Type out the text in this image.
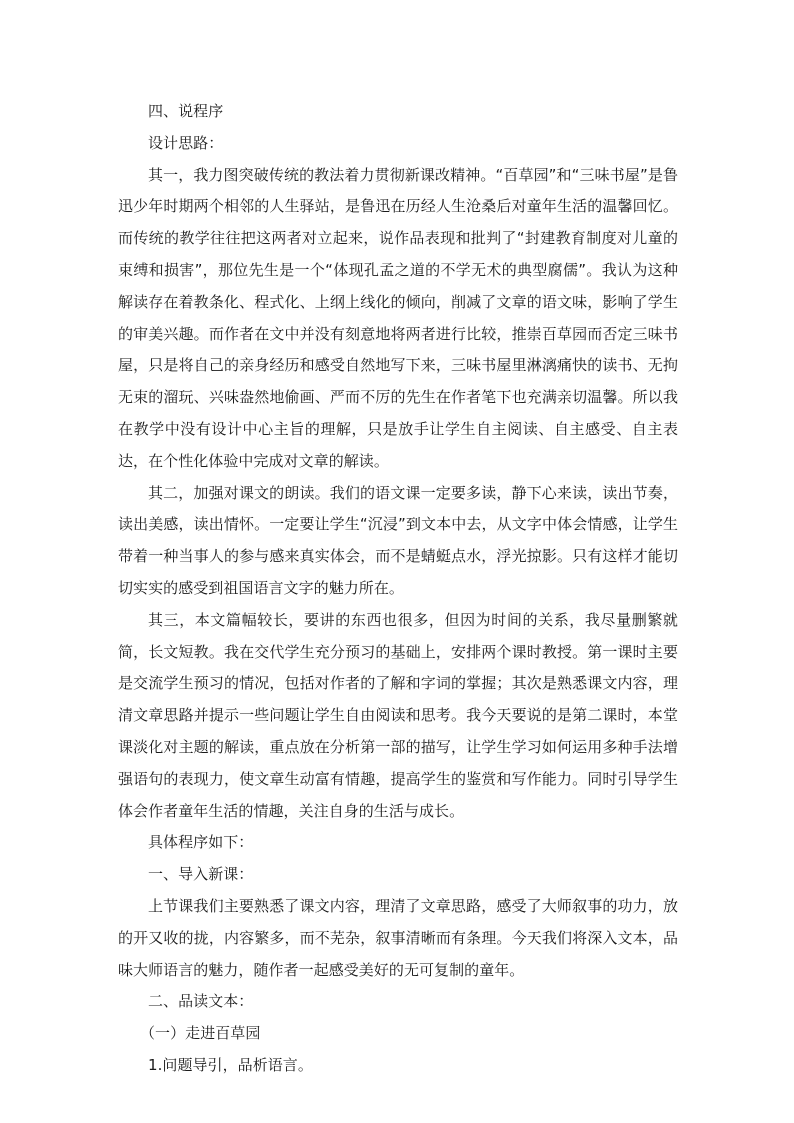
四、说程序

设计思路：

其一，我力图突破传统的教法着力贯彻新课改精神。“百草园”和“三味书屋”是鲁迅少年时期两个相邻的人生驿站，是鲁迅在历经人生沧桑后对童年生活的温馨回忆。而传统的教学往往把这两者对立起来，说作品表现和批判了“封建教育制度对儿童的束缚和损害”，那位先生是一个“体现孔孟之道的不学无术的典型腐儒”。我认为这种解读存在着教条化、程式化、上纲上线化的倾向，削减了文章的语文味，影响了学生的审美兴趣。而作者在文中并没有刻意地将两者进行比较，推崇百草园而否定三味书屋，只是将自己的亲身经历和感受自然地写下来，三味书屋里淋漓痛快的读书、无拘无束的溜玩、兴味盎然地偷画、严而不厉的先生在作者笔下也充满亲切温馨。所以我在教学中没有设计中心主旨的理解，只是放手让学生自主阅读、自主感受、自主表达，在个性化体验中完成对文章的解读。

其二，加强对课文的朗读。我们的语文课一定要多读，静下心来读，读出节奏，读出美感，读出情怀。一定要让学生“沉浸”到文本中去，从文字中体会情感，让学生带着一种当事人的参与感来真实体会，而不是蜻蜓点水，浮光掠影。只有这样才能切切实实的感受到祖国语言文字的魅力所在。

其三，本文篇幅较长，要讲的东西也很多，但因为时间的关系，我尽量删繁就简，长文短教。我在交代学生充分预习的基础上，安排两个课时教授。第一课时主要是交流学生预习的情况，包括对作者的了解和字词的掌握；其次是熟悉课文内容，理清文章思路并提示一些问题让学生自由阅读和思考。我今天要说的是第二课时，本堂课淡化对主题的解读，重点放在分析第一部的描写，让学生学习如何运用多种手法增强语句的表现力，使文章生动富有情趣，提高学生的鉴赏和写作能力。同时引导学生体会作者童年生活的情趣，关注自身的生活与成长。

具体程序如下：

一、导入新课：

上节课我们主要熟悉了课文内容，理清了文章思路，感受了大师叙事的功力，放的开又收的拢，内容繁多，而不芜杂，叙事清晰而有条理。今天我们将深入文本，品味大师语言的魅力，随作者一起感受美好的无可复制的童年。

二、品读文本：

（一）走进百草园

1.问题导引，品析语言。
